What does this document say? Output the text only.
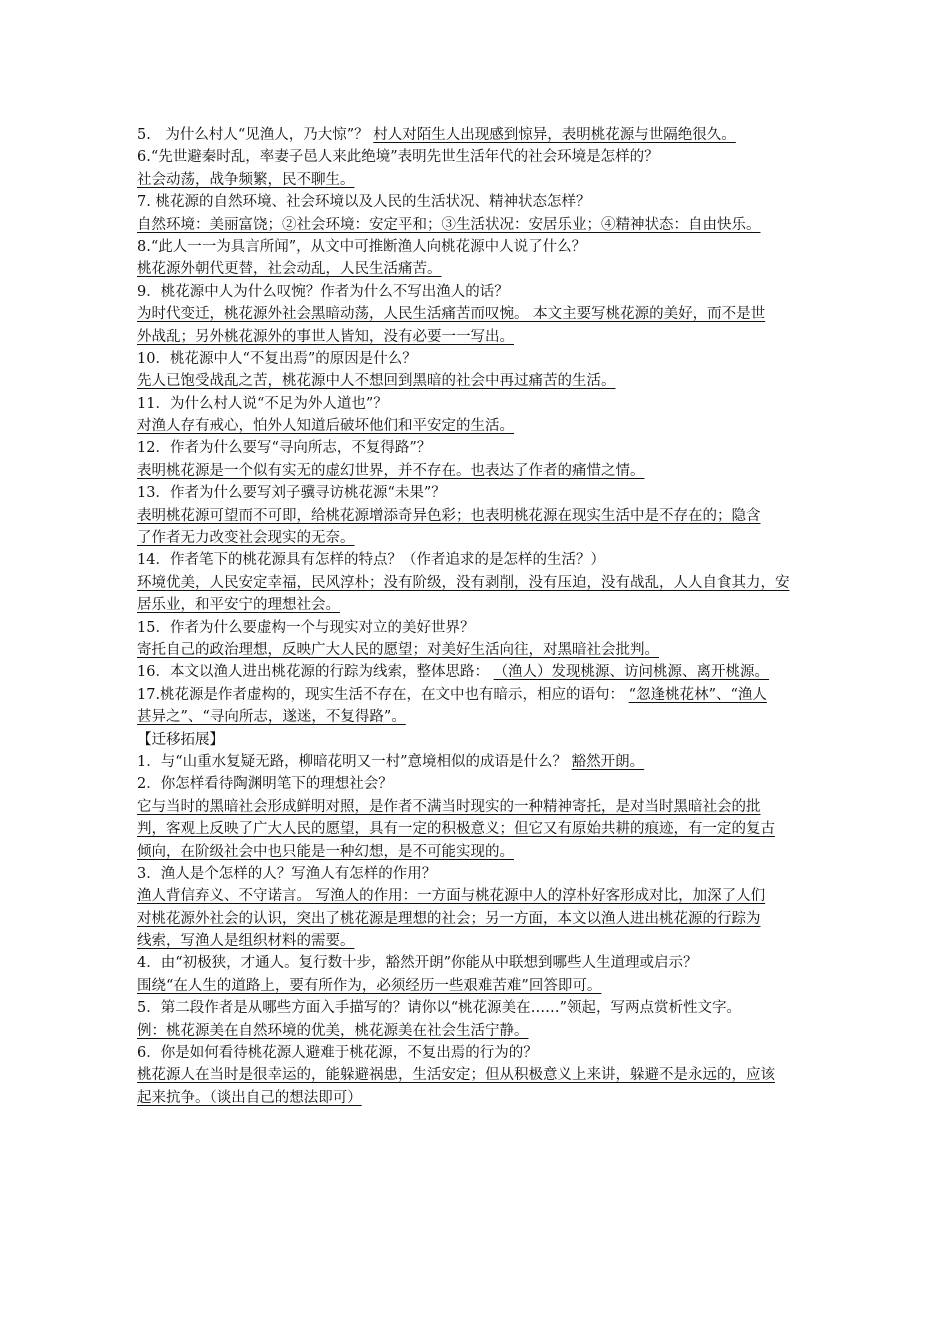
5.　为什么村人“见渔人，乃大惊”？ 村人对陌生人出现感到惊异，表明桃花源与世隔绝很久。
6.“先世避秦时乱，率妻子邑人来此绝境”表明先世生活年代的社会环境是怎样的？
社会动荡，战争频繁，民不聊生。
7. 桃花源的自然环境、社会环境以及人民的生活状况、精神状态怎样？
自然环境：美丽富饶；②社会环境：安定平和；③生活状况：安居乐业；④精神状态：自由快乐。
8.“此人一一为具言所闻”，从文中可推断渔人向桃花源中人说了什么？
桃花源外朝代更替，社会动乱，人民生活痛苦。
9．桃花源中人为什么叹惋？作者为什么不写出渔人的话？
为时代变迁，桃花源外社会黑暗动荡，人民生活痛苦而叹惋。 本文主要写桃花源的美好，而不是世
外战乱；另外桃花源外的事世人皆知，没有必要一一写出。
10．桃花源中人“不复出焉”的原因是什么？
先人已饱受战乱之苦，桃花源中人不想回到黑暗的社会中再过痛苦的生活。
11．为什么村人说“不足为外人道也”？
对渔人存有戒心，怕外人知道后破坏他们和平安定的生活。
12．作者为什么要写“寻向所志，不复得路”？
表明桃花源是一个似有实无的虚幻世界，并不存在。也表达了作者的痛惜之情。
13．作者为什么要写刘子骥寻访桃花源“未果”？
表明桃花源可望而不可即，给桃花源增添奇异色彩；也表明桃花源在现实生活中是不存在的；隐含
了作者无力改变社会现实的无奈。
14．作者笔下的桃花源具有怎样的特点？（作者追求的是怎样的生活？）
环境优美，人民安定幸福，民风淳朴；没有阶级，没有剥削，没有压迫，没有战乱，人人自食其力，安
居乐业，和平安宁的理想社会。
15．作者为什么要虚构一个与现实对立的美好世界？
寄托自己的政治理想，反映广大人民的愿望；对美好生活向往，对黑暗社会批判。
16．本文以渔人进出桃花源的行踪为线索，整体思路： （渔人）发现桃源、访问桃源、离开桃源。
17.桃花源是作者虚构的，现实生活不存在，在文中也有暗示，相应的语句： “忽逢桃花林”、“渔人
甚异之”、“寻向所志，遂迷，不复得路”。
【迁移拓展】
1．与“山重水复疑无路，柳暗花明又一村”意境相似的成语是什么？ 豁然开朗。
2．你怎样看待陶渊明笔下的理想社会？
它与当时的黑暗社会形成鲜明对照，是作者不满当时现实的一种精神寄托，是对当时黑暗社会的批
判，客观上反映了广大人民的愿望，具有一定的积极意义；但它又有原始共耕的痕迹，有一定的复古
倾向，在阶级社会中也只能是一种幻想，是不可能实现的。
3．渔人是个怎样的人？写渔人有怎样的作用？
渔人背信弃义、不守诺言。 写渔人的作用：一方面与桃花源中人的淳朴好客形成对比，加深了人们
对桃花源外社会的认识，突出了桃花源是理想的社会；另一方面，本文以渔人进出桃花源的行踪为
线索，写渔人是组织材料的需要。
4．由“初极狭，才通人。复行数十步，豁然开朗”你能从中联想到哪些人生道理或启示？
围绕“在人生的道路上，要有所作为，必须经历一些艰难苦难”回答即可。
5．第二段作者是从哪些方面入手描写的？请你以“桃花源美在……”领起，写两点赏析性文字。
例：桃花源美在自然环境的优美，桃花源美在社会生活宁静。
6．你是如何看待桃花源人避难于桃花源，不复出焉的行为的？
桃花源人在当时是很幸运的，能躲避祸患，生活安定；但从积极意义上来讲，躲避不是永远的，应该
起来抗争。（谈出自己的想法即可）
